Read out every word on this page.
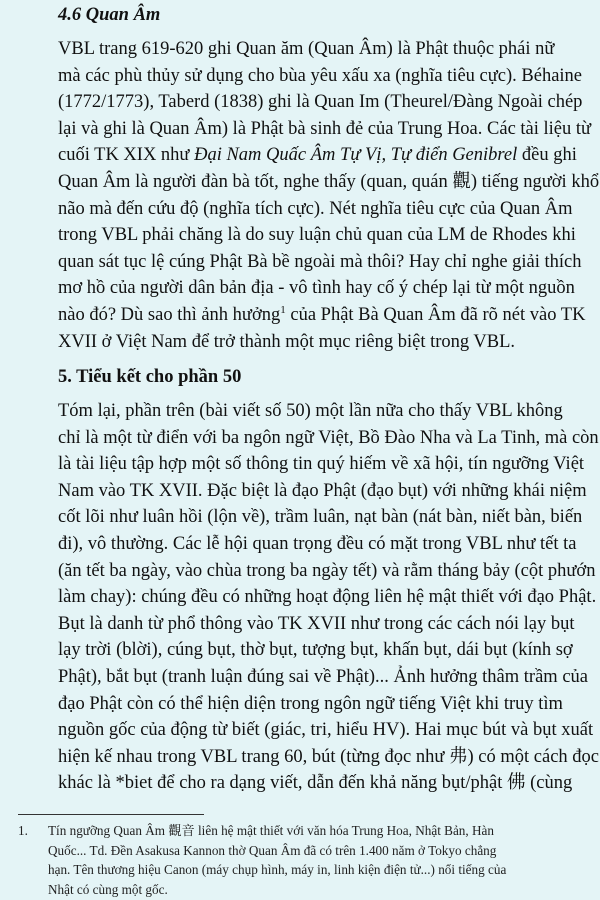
4.6 Quan Âm

VBL trang 619-620 ghi Quan ăm (Quan Âm) là Phật thuộc phái nữ
mà các phù thủy sử dụng cho bùa yêu xấu xa (nghĩa tiêu cực). Béhaine
(1772/1773), Taberd (1838) ghi là Quan Im (Theurel/Đàng Ngoài chép
lại và ghi là Quan Âm) là Phật bà sinh đẻ của Trung Hoa. Các tài liệu từ
cuối TK XIX như Đại Nam Quấc Âm Tự Vị, Tự điển Genibrel đều ghi
Quan Âm là người đàn bà tốt, nghe thấy (quan, quán 觀) tiếng người khổ
não mà đến cứu độ (nghĩa tích cực). Nét nghĩa tiêu cực của Quan Âm
trong VBL phải chăng là do suy luận chủ quan của LM de Rhodes khi
quan sát tục lệ cúng Phật Bà bề ngoài mà thôi? Hay chỉ nghe giải thích
mơ hồ của người dân bản địa - vô tình hay cố ý chép lại từ một nguồn
nào đó? Dù sao thì ảnh hưởng$^1$ của Phật Bà Quan Âm đã rõ nét vào TK
XVII ở Việt Nam để trở thành một mục riêng biệt trong VBL.

5. Tiểu kết cho phần 50

Tóm lại, phần trên (bài viết số 50) một lần nữa cho thấy VBL không
chỉ là một từ điển với ba ngôn ngữ Việt, Bồ Đào Nha và La Tinh, mà còn
là tài liệu tập hợp một số thông tin quý hiếm về xã hội, tín ngưỡng Việt
Nam vào TK XVII. Đặc biệt là đạo Phật (đạo bụt) với những khái niệm
cốt lõi như luân hồi (lộn về), trầm luân, nạt bàn (nát bàn, niết bàn, biến
đi), vô thường. Các lễ hội quan trọng đều có mặt trong VBL như tết ta
(ăn tết ba ngày, vào chùa trong ba ngày tết) và rằm tháng bảy (cột phướn
làm chay): chúng đều có những hoạt động liên hệ mật thiết với đạo Phật.
Bụt là danh từ phổ thông vào TK XVII như trong các cách nói lạy bụt
lạy trời (blời), cúng bụt, thờ bụt, tượng bụt, khấn bụt, dái bụt (kính sợ
Phật), bắt bụt (tranh luận đúng sai về Phật)... Ảnh hưởng thâm trầm của
đạo Phật còn có thể hiện diện trong ngôn ngữ tiếng Việt khi truy tìm
nguồn gốc của động từ biết (giác, tri, hiểu HV). Hai mục bút và bụt xuất
hiện kế nhau trong VBL trang 60, bút (từng đọc như 弗) có một cách đọc
khác là *biet để cho ra dạng viết, dẫn đến khả năng bụt/phật 佛 (cùng

1. Tín ngưỡng Quan Âm 觀音 liên hệ mật thiết với văn hóa Trung Hoa, Nhật Bản, Hàn
Quốc... Td. Đền Asakusa Kannon thờ Quan Âm đã có trên 1.400 năm ở Tokyo chẳng
hạn. Tên thương hiệu Canon (máy chụp hình, máy in, linh kiện điện tử...) nổi tiếng của
Nhật có cùng một gốc.
